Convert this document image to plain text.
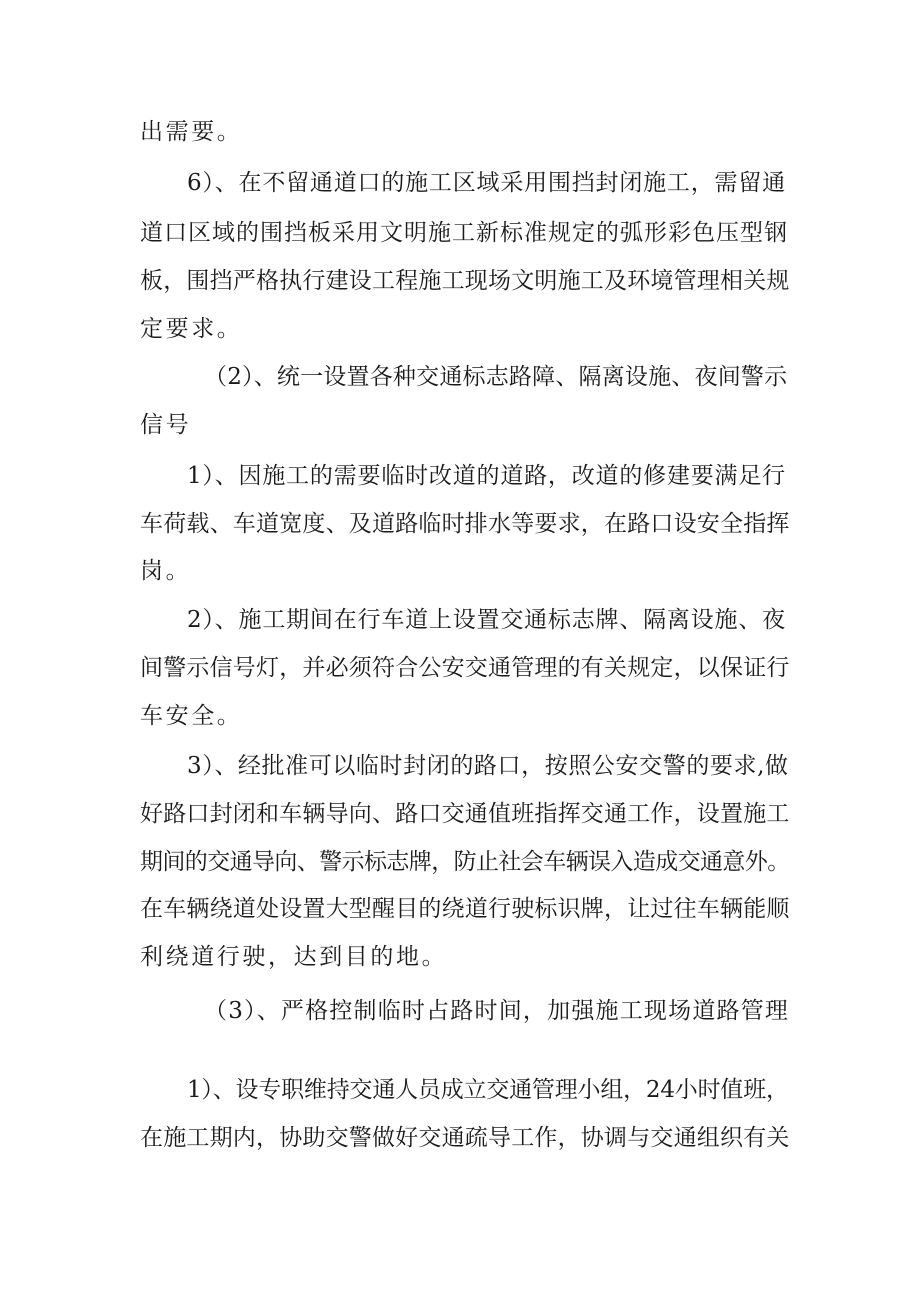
出需要。
6）、在不留通道口的施工区域采用围挡封闭施工，需留通
道口区域的围挡板采用文明施工新标准规定的弧形彩色压型钢
板，围挡严格执行建设工程施工现场文明施工及环境管理相关规
定要求。
（2）、统一设置各种交通标志路障、隔离设施、夜间警示
信号
1）、因施工的需要临时改道的道路，改道的修建要满足行
车荷载、车道宽度、及道路临时排水等要求，在路口设安全指挥
岗。
2）、施工期间在行车道上设置交通标志牌、隔离设施、夜
间警示信号灯，并必须符合公安交通管理的有关规定，以保证行
车安全。
3）、经批准可以临时封闭的路口，按照公安交警的要求,做
好路口封闭和车辆导向、路口交通值班指挥交通工作，设置施工
期间的交通导向、警示标志牌，防止社会车辆误入造成交通意外。
在车辆绕道处设置大型醒目的绕道行驶标识牌，让过往车辆能顺
利绕道行驶，达到目的地。
（3）、严格控制临时占路时间，加强施工现场道路管理
1）、设专职维持交通人员成立交通管理小组，24小时值班，
在施工期内，协助交警做好交通疏导工作，协调与交通组织有关
